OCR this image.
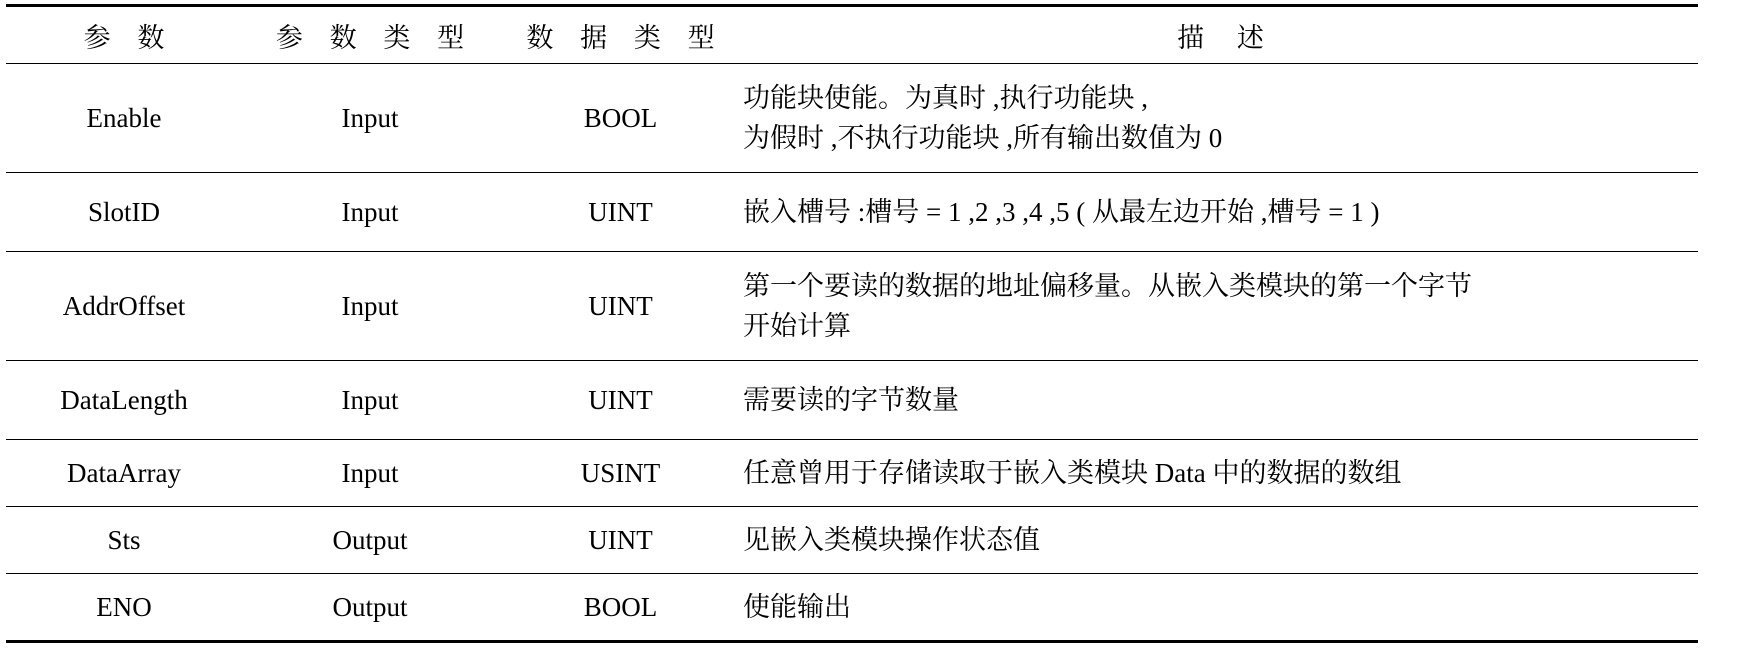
参 数	参 数 类 型	数 据 类 型	描 述
Enable	Input	BOOL	功能块使能。为真时 ,执行功能块 ,
为假时 ,不执行功能块 ,所有输出数值为 0

SlotID	Input	UINT	嵌入槽号 :槽号 = 1 ,2 ,3 ,4 ,5 ( 从最左边开始 ,槽号 = 1 )

AddrOffset	Input	UINT	第一个要读的数据的地址偏移量。从嵌入类模块的第一个字节
开始计算

DataLength	Input	UINT	需要读的字节数量

DataArray	Input	USINT	任意曾用于存储读取于嵌入类模块 Data 中的数据的数组

Sts	Output	UINT	见嵌入类模块操作状态值

ENO	Output	BOOL	使能输出
